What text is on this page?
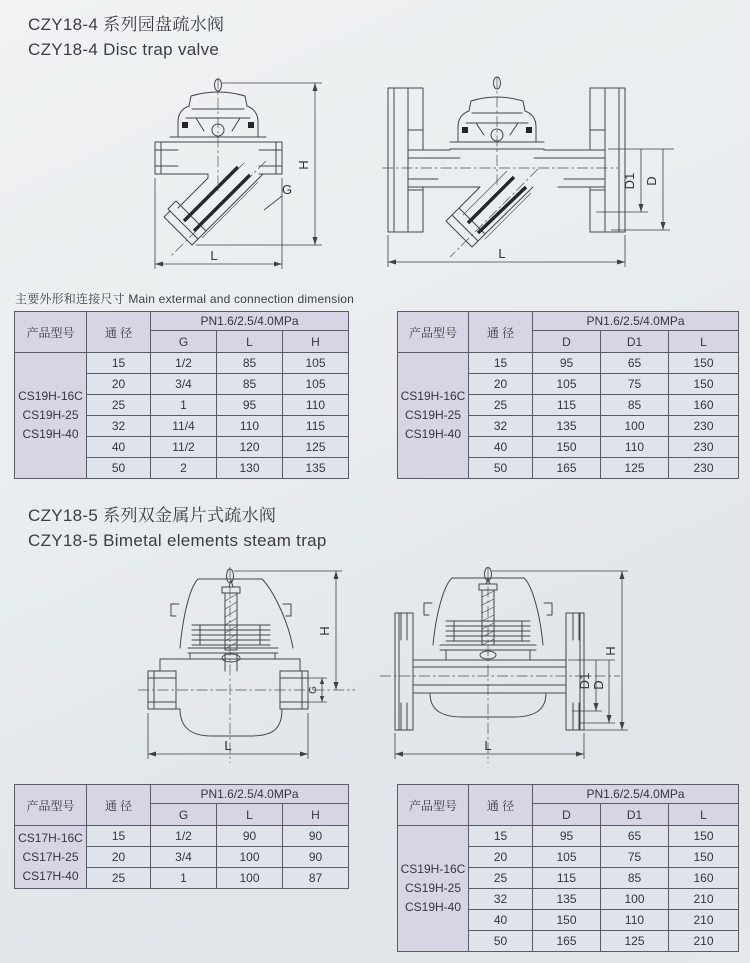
CZY18-4 系列园盘疏水阀
CZY18-4 Disc trap valve
H
G
L
D1 D
L
主要外形和连接尺寸 Main extermal and connection dimension
产品型号	通 径	PN1.6/2.5/4.0MPa		
		G	L	H

CS19H-16C
CS19H-25
CS19H-40	15	1/2	85	105
	20	3/4	85	105
	25	1	95	110
	32	11/4	110	115
	40	11/2	120	125
	50	2	130	135
产品型号	通 径	PN1.6/2.5/4.0MPa		
		D	D1	L

CS19H-16C
CS19H-25
CS19H-40	15	95	65	150
	20	105	75	150
	25	115	85	160
	32	135	100	230
	40	150	110	230
	50	165	125	230
CZY18-5 系列双金属片式疏水阀
CZY18-5 Bimetal elements steam trap
H
G
L
H
D
D1
L
产品型号	通 径	PN1.6/2.5/4.0MPa		
		G	L	H

CS17H-16C
CS17H-25
CS17H-40	15	1/2	90	90
	20	3/4	100	90
	25	1	100	87
产品型号	通 径	PN1.6/2.5/4.0MPa		
		D	D1	L

CS19H-16C
CS19H-25
CS19H-40	15	95	65	150
	20	105	75	150
	25	115	85	160
	32	135	100	210
	40	150	110	210
	50	165	125	210
